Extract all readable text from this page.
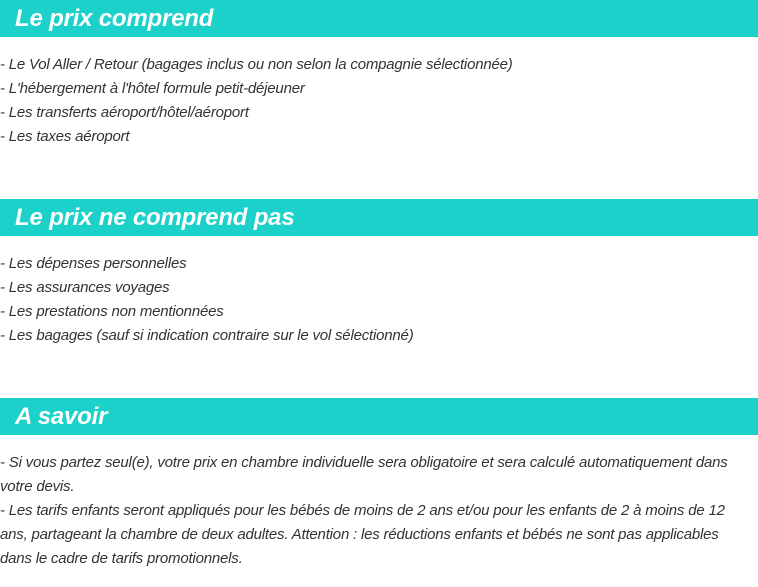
Le prix comprend
- Le Vol Aller / Retour (bagages inclus ou non selon la compagnie sélectionnée)
- L'hébergement à l'hôtel formule petit-déjeuner
- Les transferts aéroport/hôtel/aéroport
- Les taxes aéroport
Le prix ne comprend pas
- Les dépenses personnelles
- Les assurances voyages
- Les prestations non mentionnées
- Les bagages (sauf si indication contraire sur le vol sélectionné)
A savoir
- Si vous partez seul(e), votre prix en chambre individuelle sera obligatoire et sera calculé automatiquement dans votre devis.
- Les tarifs enfants seront appliqués pour les bébés de moins de 2 ans et/ou pour les enfants de 2 à moins de 12 ans, partageant la chambre de deux adultes. Attention : les réductions enfants et bébés ne sont pas applicables dans le cadre de tarifs promotionnels.
